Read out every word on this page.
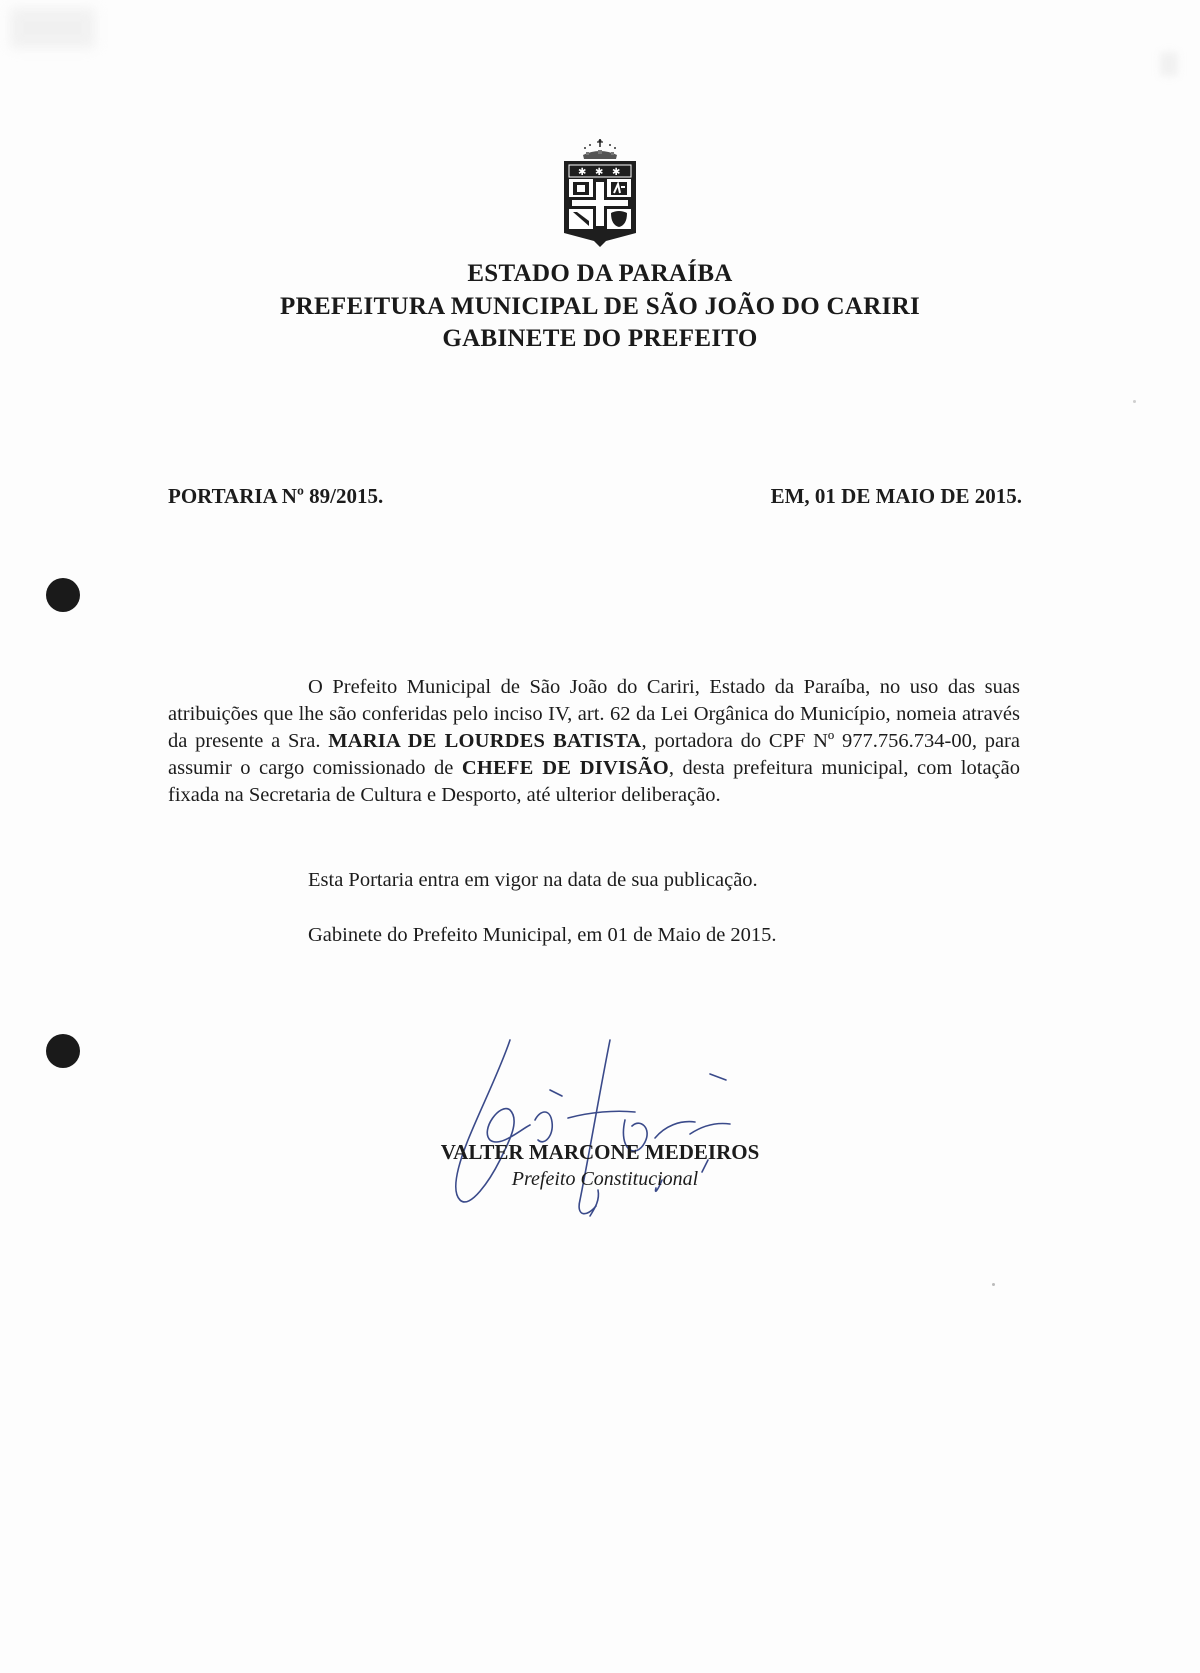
✱ ✱ ✱
ESTADO DA PARAÍBA
PREFEITURA MUNICIPAL DE SÃO JOÃO DO CARIRI
GABINETE DO PREFEITO
PORTARIA Nº 89/2015.	EM, 01 DE MAIO DE 2015.
O Prefeito Municipal de São João do Cariri, Estado da Paraíba, no uso das suas atribuições que lhe são conferidas pelo inciso IV, art. 62 da Lei Orgânica do Município, nomeia através da presente a Sra. MARIA DE LOURDES BATISTA, portadora do CPF Nº 977.756.734-00, para assumir o cargo comissionado de CHEFE DE DIVISÃO, desta prefeitura municipal, com lotação fixada na Secretaria de Cultura e Desporto, até ulterior deliberação.
Esta Portaria entra em vigor na data de sua publicação.
Gabinete do Prefeito Municipal, em 01 de Maio de 2015.
VALTER MARCONE MEDEIROS
Prefeito Constitucional
